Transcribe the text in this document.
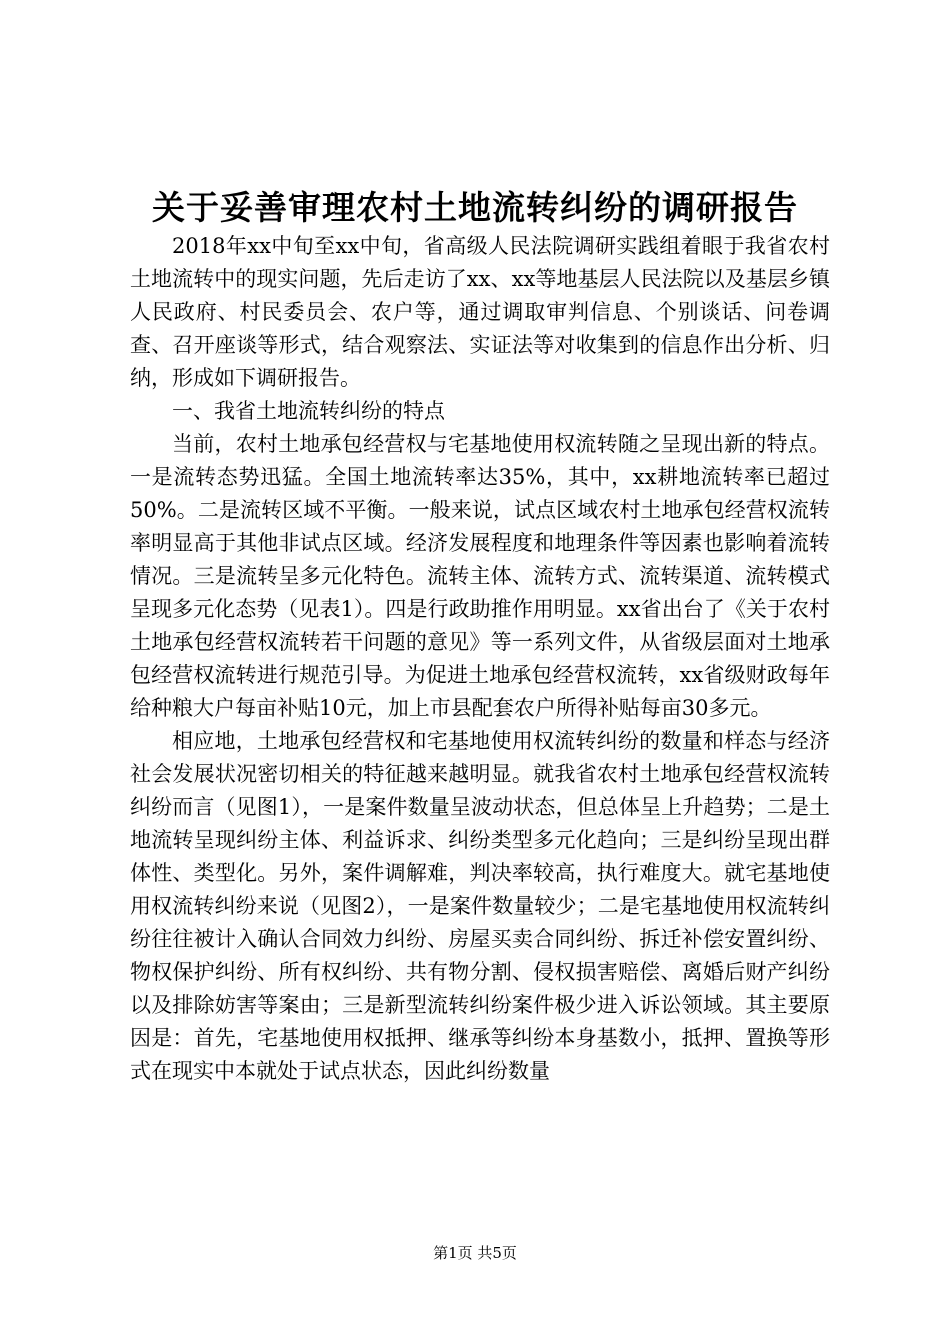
关于妥善审理农村土地流转纠纷的调研报告

2018年xx中旬至xx中旬，省高级人民法院调研实践组着眼于我省农村土地流转中的现实问题，先后走访了xx、xx等地基层人民法院以及基层乡镇人民政府、村民委员会、农户等，通过调取审判信息、个别谈话、问卷调查、召开座谈等形式，结合观察法、实证法等对收集到的信息作出分析、归纳，形成如下调研报告。

一、我省土地流转纠纷的特点

当前，农村土地承包经营权与宅基地使用权流转随之呈现出新的特点。一是流转态势迅猛。全国土地流转率达35%，其中，xx耕地流转率已超过50%。二是流转区域不平衡。一般来说，试点区域农村土地承包经营权流转率明显高于其他非试点区域。经济发展程度和地理条件等因素也影响着流转情况。三是流转呈多元化特色。流转主体、流转方式、流转渠道、流转模式呈现多元化态势（见表1）。四是行政助推作用明显。xx省出台了《关于农村土地承包经营权流转若干问题的意见》等一系列文件，从省级层面对土地承包经营权流转进行规范引导。为促进土地承包经营权流转，xx省级财政每年给种粮大户每亩补贴10元，加上市县配套农户所得补贴每亩30多元。

相应地，土地承包经营权和宅基地使用权流转纠纷的数量和样态与经济社会发展状况密切相关的特征越来越明显。就我省农村土地承包经营权流转纠纷而言（见图1），一是案件数量呈波动状态，但总体呈上升趋势；二是土地流转呈现纠纷主体、利益诉求、纠纷类型多元化趋向；三是纠纷呈现出群体性、类型化。另外，案件调解难，判决率较高，执行难度大。就宅基地使用权流转纠纷来说（见图2），一是案件数量较少；二是宅基地使用权流转纠纷往往被计入确认合同效力纠纷、房屋买卖合同纠纷、拆迁补偿安置纠纷、物权保护纠纷、所有权纠纷、共有物分割、侵权损害赔偿、离婚后财产纠纷以及排除妨害等案由；三是新型流转纠纷案件极少进入诉讼领域。其主要原因是：首先，宅基地使用权抵押、继承等纠纷本身基数小，抵押、置换等形式在现实中本就处于试点状态，因此纠纷数量

第1页 共5页
